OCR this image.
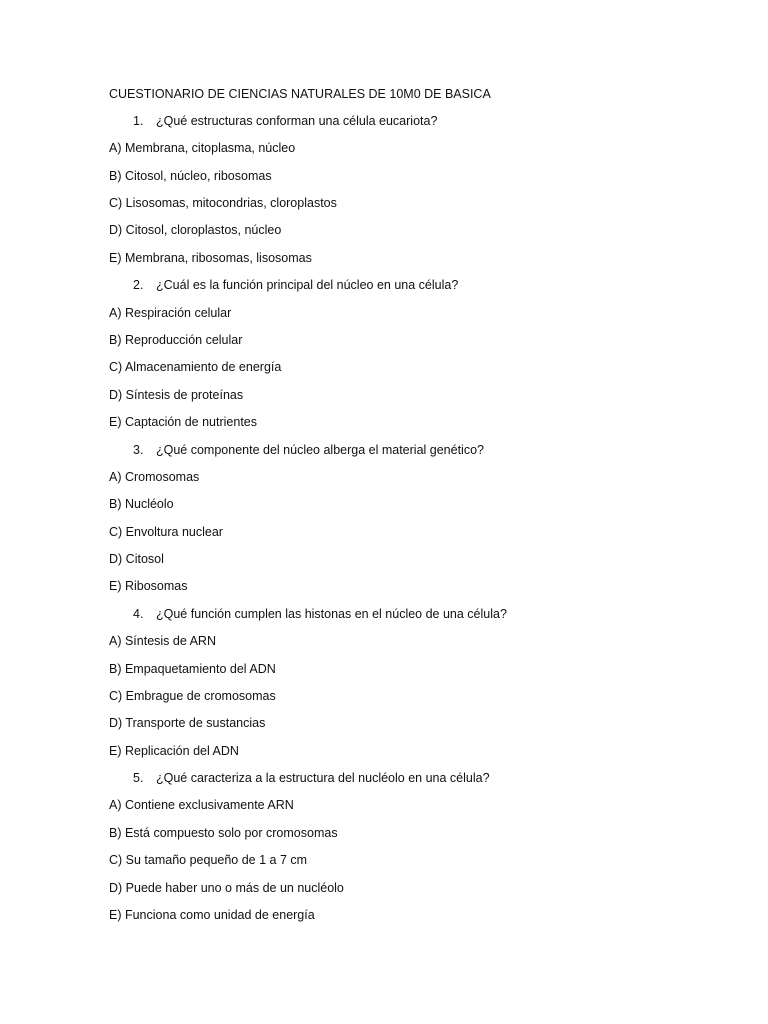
CUESTIONARIO DE CIENCIAS NATURALES DE 10M0 DE BASICA
1. ¿Qué estructuras conforman una célula eucariota?
A) Membrana, citoplasma, núcleo
B) Citosol, núcleo, ribosomas
C) Lisosomas, mitocondrias, cloroplastos
D) Citosol, cloroplastos, núcleo
E) Membrana, ribosomas, lisosomas
2. ¿Cuál es la función principal del núcleo en una célula?
A) Respiración celular
B) Reproducción celular
C) Almacenamiento de energía
D) Síntesis de proteínas
E) Captación de nutrientes
3. ¿Qué componente del núcleo alberga el material genético?
A) Cromosomas
B) Nucléolo
C) Envoltura nuclear
D) Citosol
E) Ribosomas
4. ¿Qué función cumplen las histonas en el núcleo de una célula?
A) Síntesis de ARN
B) Empaquetamiento del ADN
C) Embrague de cromosomas
D) Transporte de sustancias
E) Replicación del ADN
5. ¿Qué caracteriza a la estructura del nucléolo en una célula?
A) Contiene exclusivamente ARN
B) Está compuesto solo por cromosomas
C) Su tamaño pequeño de 1 a 7 cm
D) Puede haber uno o más de un nucléolo
E) Funciona como unidad de energía
